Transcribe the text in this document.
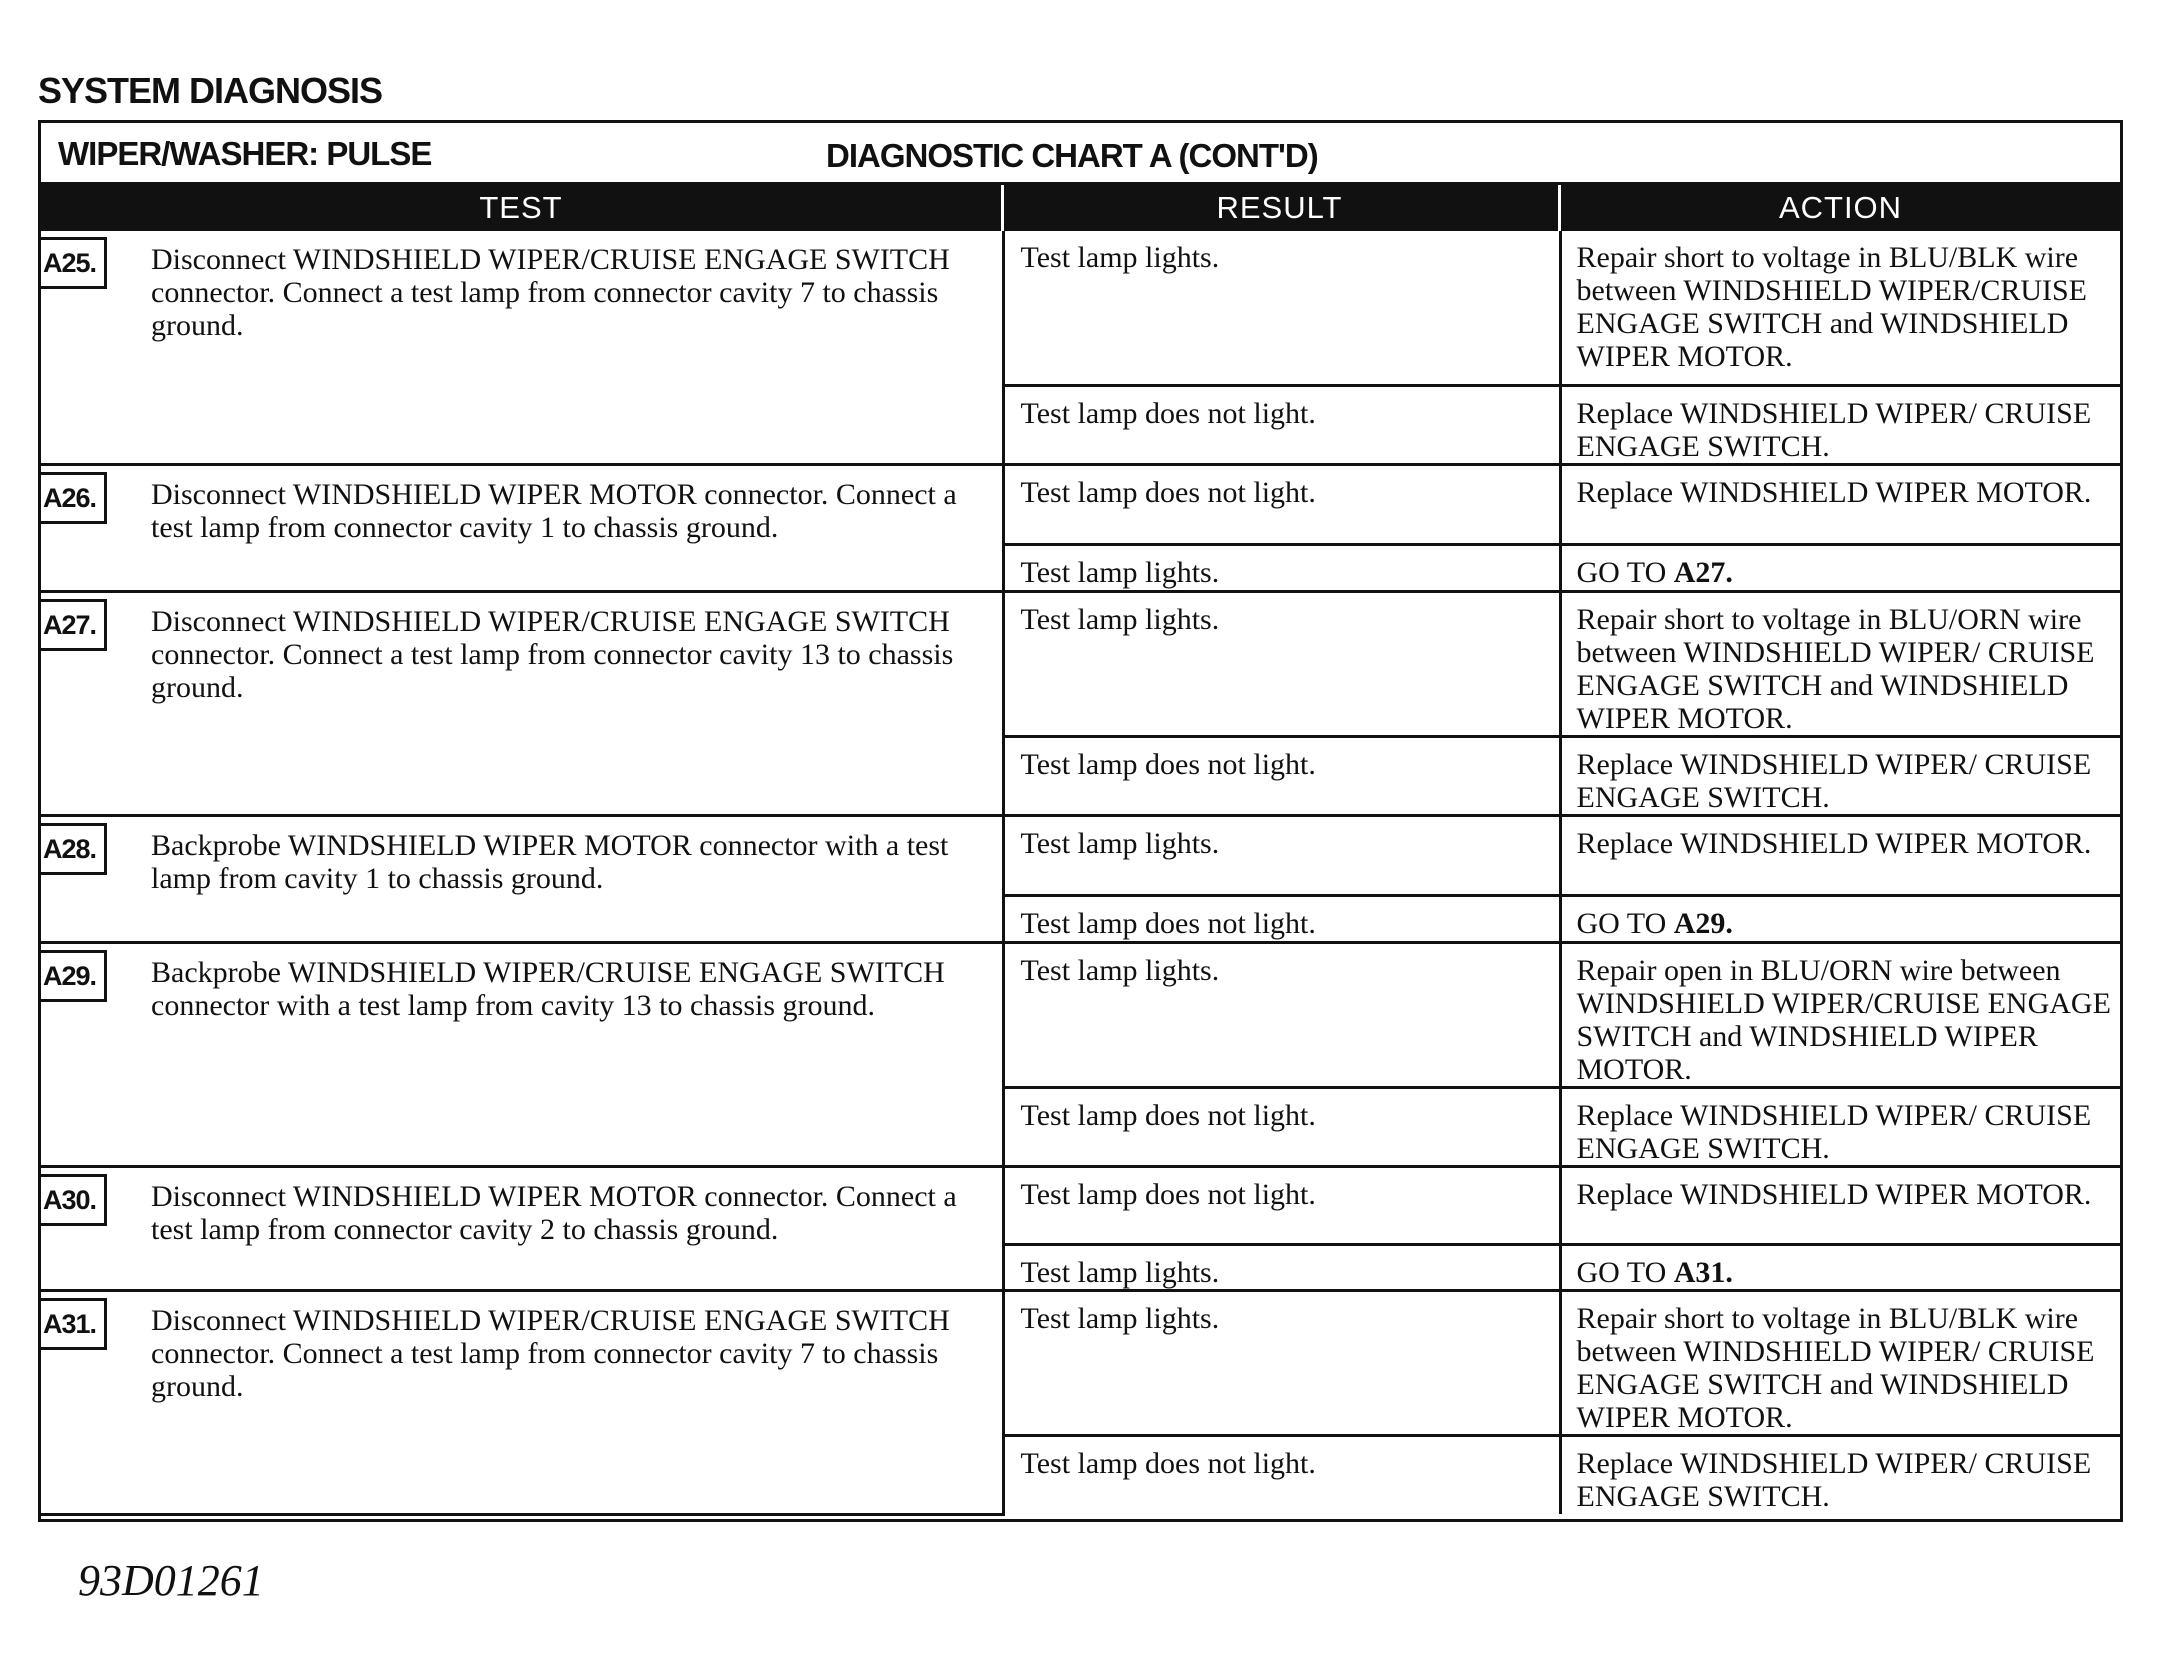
SYSTEM DIAGNOSIS
WIPER/WASHER: PULSE	DIAGNOSTIC CHART A (CONT'D)
TEST	RESULT	ACTION
A25. Disconnect WINDSHIELD WIPER/CRUISE ENGAGE SWITCH connector. Connect a test lamp from connector cavity 7 to chassis ground.	Test lamp lights.	Repair short to voltage in BLU/BLK wire between WINDSHIELD WIPER/CRUISE ENGAGE SWITCH and WINDSHIELD WIPER MOTOR.

	Test lamp does not light.	Replace WINDSHIELD WIPER/ CRUISE ENGAGE SWITCH.

A26. Disconnect WINDSHIELD WIPER MOTOR connector. Connect a test lamp from connector cavity 1 to chassis ground.	Test lamp does not light.	Replace WINDSHIELD WIPER MOTOR.

	Test lamp lights.	GO TO A27.

A27. Disconnect WINDSHIELD WIPER/CRUISE ENGAGE SWITCH connector. Connect a test lamp from connector cavity 13 to chassis ground.	Test lamp lights.	Repair short to voltage in BLU/ORN wire between WINDSHIELD WIPER/ CRUISE ENGAGE SWITCH and WINDSHIELD WIPER MOTOR.

	Test lamp does not light.	Replace WINDSHIELD WIPER/ CRUISE ENGAGE SWITCH.

A28. Backprobe WINDSHIELD WIPER MOTOR connector with a test lamp from cavity 1 to chassis ground.	Test lamp lights.	Replace WINDSHIELD WIPER MOTOR.

	Test lamp does not light.	GO TO A29.

A29. Backprobe WINDSHIELD WIPER/CRUISE ENGAGE SWITCH connector with a test lamp from cavity 13 to chassis ground.	Test lamp lights.	Repair open in BLU/ORN wire between WINDSHIELD WIPER/CRUISE ENGAGE SWITCH and WINDSHIELD WIPER MOTOR.

	Test lamp does not light.	Replace WINDSHIELD WIPER/ CRUISE ENGAGE SWITCH.

A30. Disconnect WINDSHIELD WIPER MOTOR connector. Connect a test lamp from connector cavity 2 to chassis ground.	Test lamp does not light.	Replace WINDSHIELD WIPER MOTOR.

	Test lamp lights.	GO TO A31.

A31. Disconnect WINDSHIELD WIPER/CRUISE ENGAGE SWITCH connector. Connect a test lamp from connector cavity 7 to chassis ground.	Test lamp lights.	Repair short to voltage in BLU/BLK wire between WINDSHIELD WIPER/ CRUISE ENGAGE SWITCH and WINDSHIELD WIPER MOTOR.

	Test lamp does not light.	Replace WINDSHIELD WIPER/ CRUISE ENGAGE SWITCH.
93D01261
